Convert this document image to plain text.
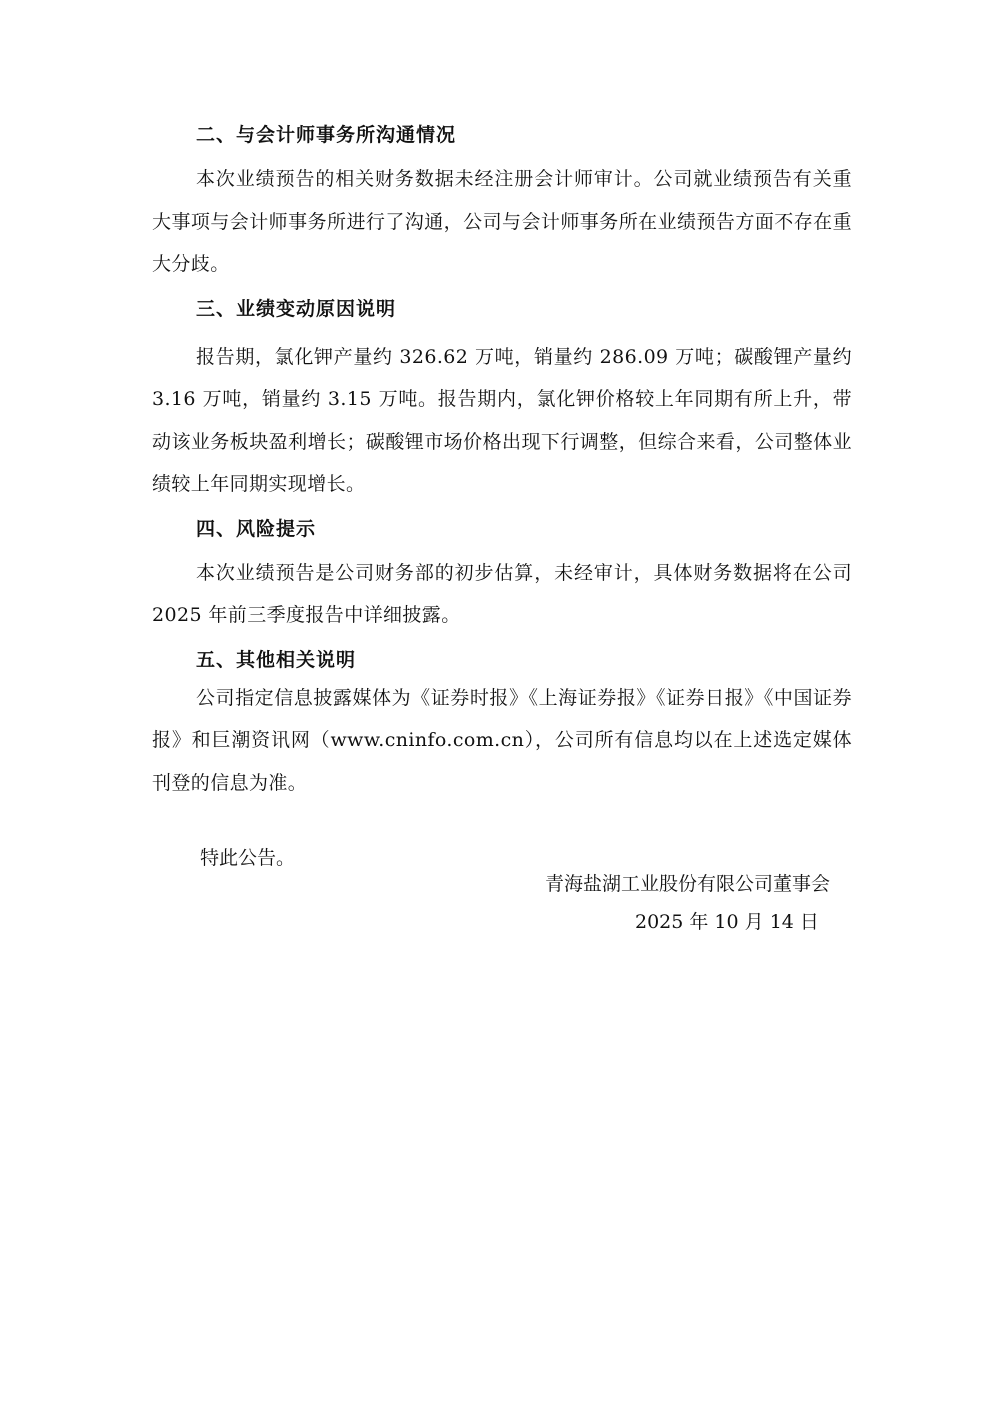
二、与会计师事务所沟通情况

本次业绩预告的相关财务数据未经注册会计师审计。公司就业绩预告有关重大事项与会计师事务所进行了沟通，公司与会计师事务所在业绩预告方面不存在重大分歧。

三、业绩变动原因说明

报告期，氯化钾产量约 326.62 万吨，销量约 286.09 万吨；碳酸锂产量约 3.16 万吨，销量约 3.15 万吨。报告期内，氯化钾价格较上年同期有所上升，带动该业务板块盈利增长；碳酸锂市场价格出现下行调整，但综合来看，公司整体业绩较上年同期实现增长。

四、风险提示

本次业绩预告是公司财务部的初步估算，未经审计，具体财务数据将在公司 2025 年前三季度报告中详细披露。

五、其他相关说明

公司指定信息披露媒体为《证券时报》《上海证券报》《证券日报》《中国证券报》和巨潮资讯网（www.cninfo.com.cn），公司所有信息均以在上述选定媒体刊登的信息为准。

特此公告。

青海盐湖工业股份有限公司董事会
2025 年 10 月 14 日
